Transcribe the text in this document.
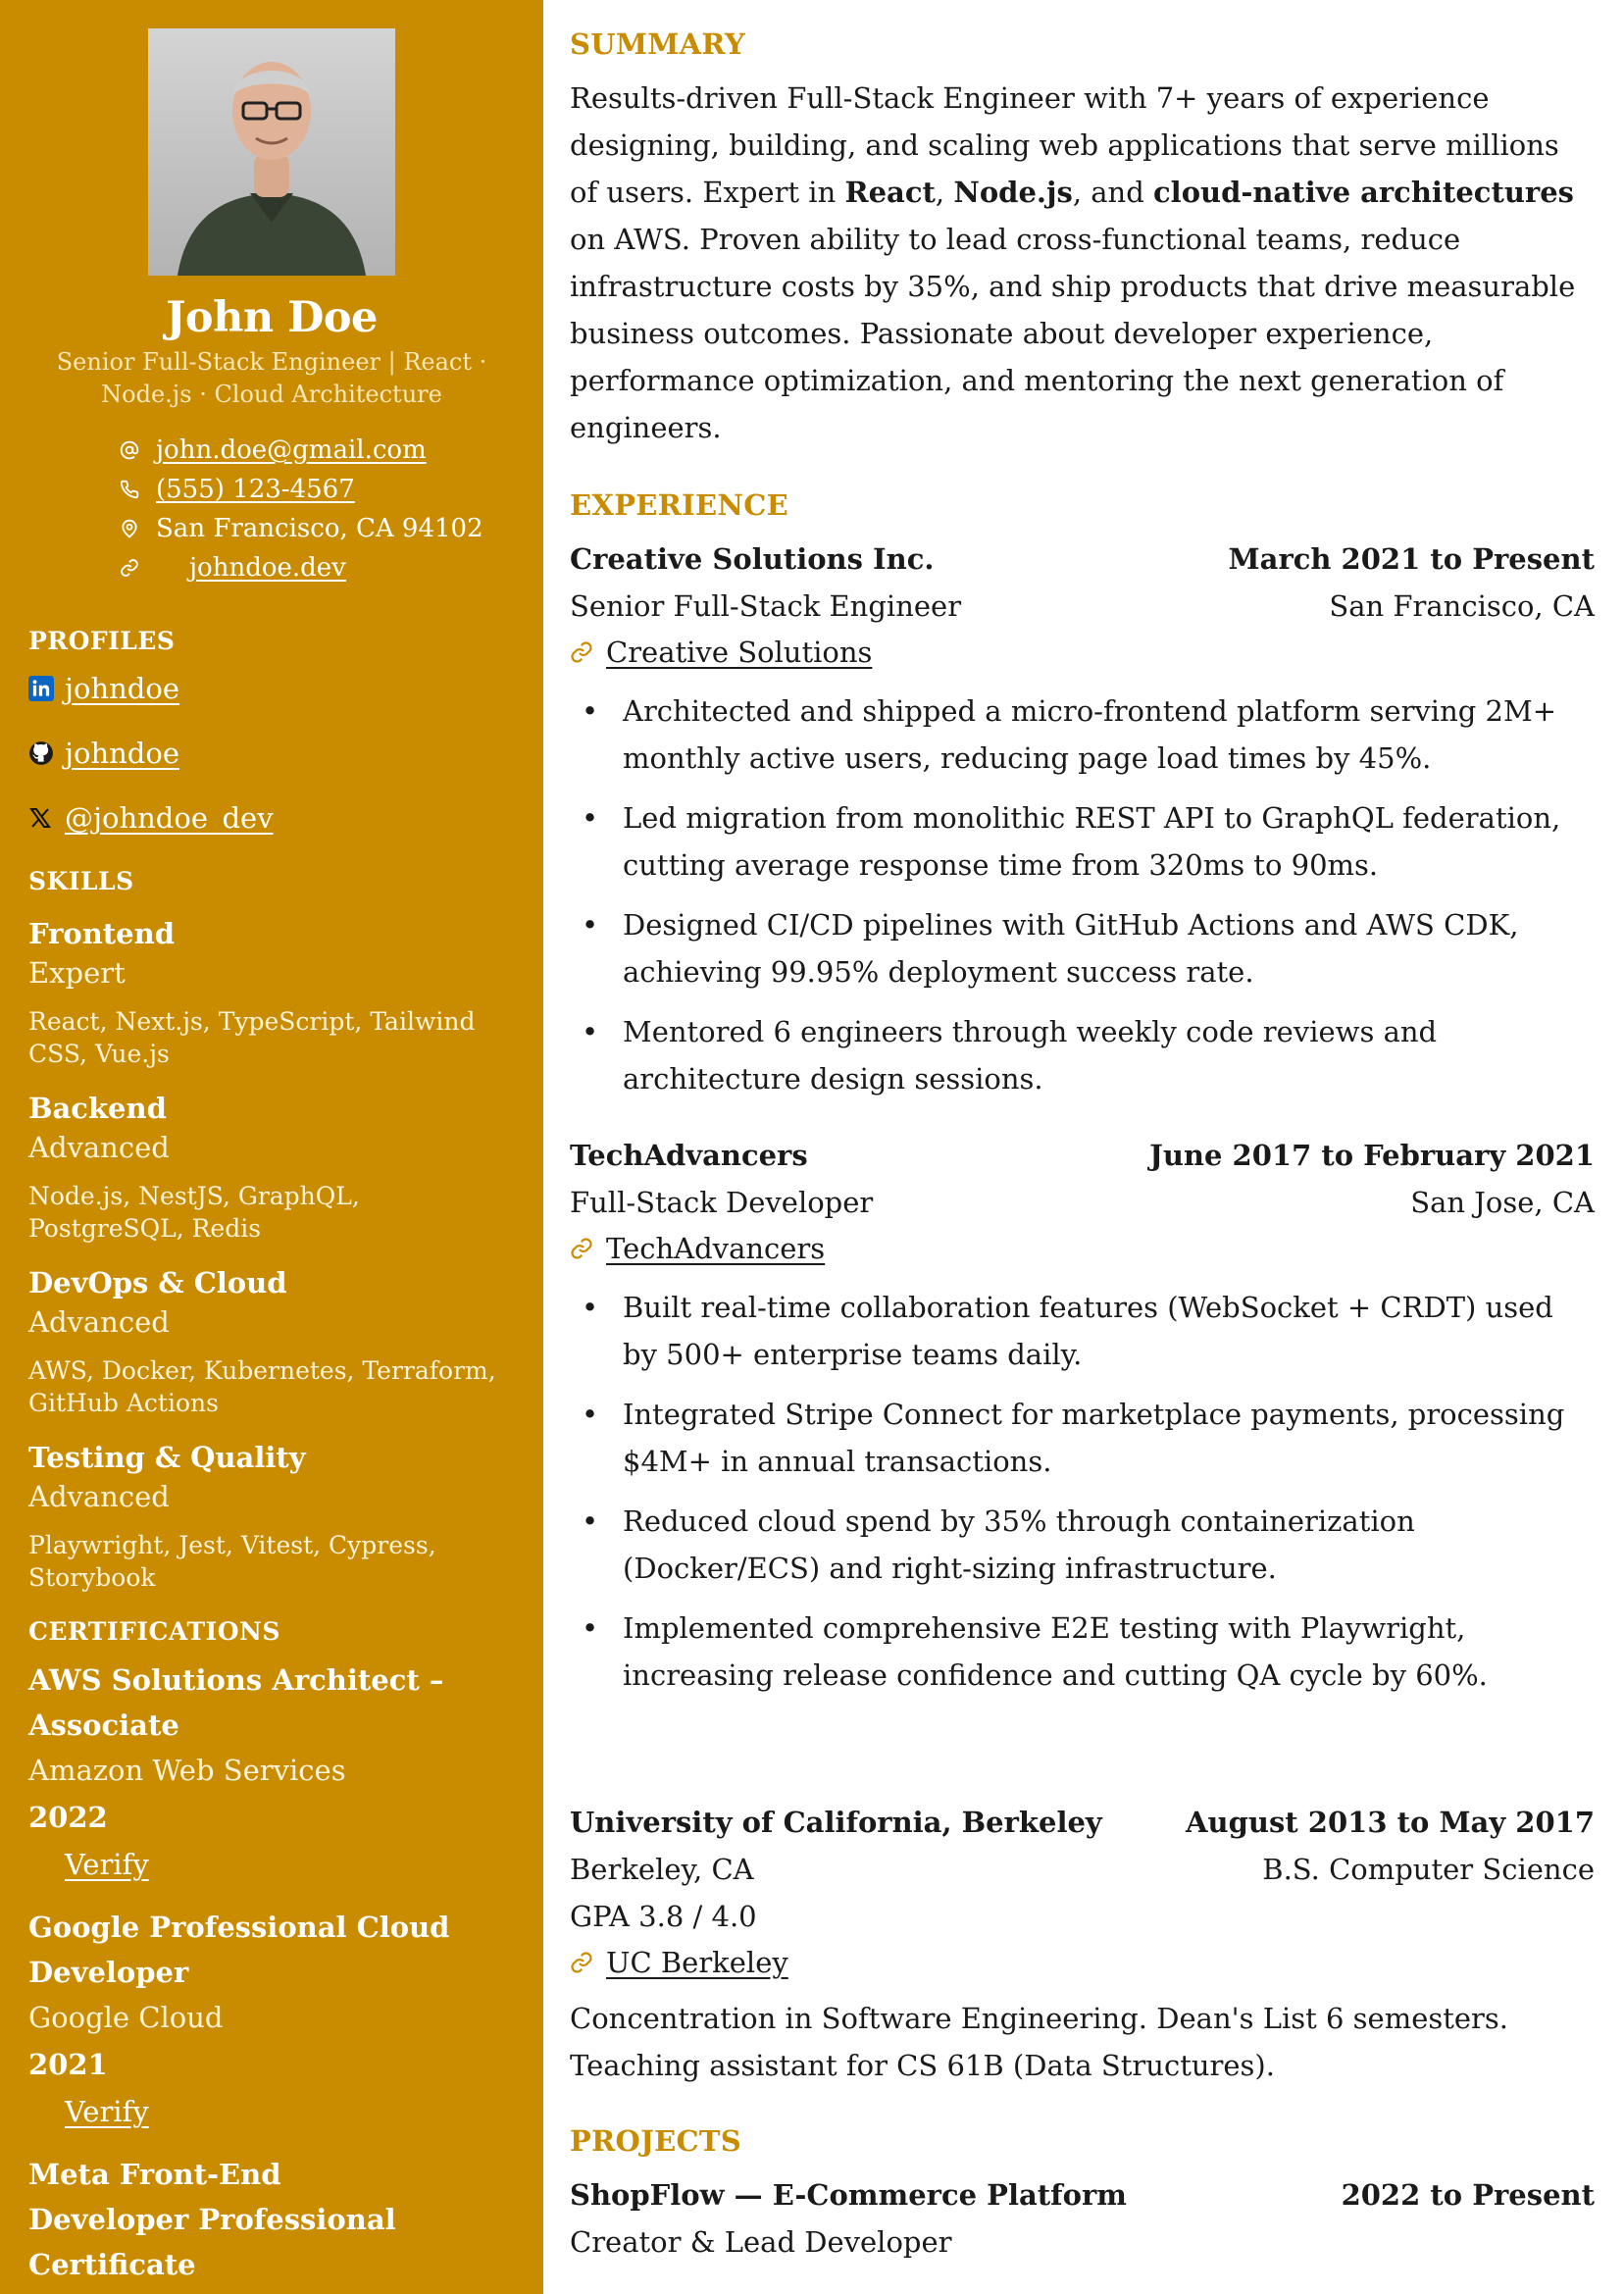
John Doe
Senior Full-Stack Engineer | React · Node.js · Cloud Architecture
john.doe@gmail.com
(555) 123-4567
San Francisco, CA 94102
johndoe.dev
PROFILES
johndoe
johndoe
@johndoe_dev
SKILLS
Frontend
Expert
React, Next.js, TypeScript, Tailwind CSS, Vue.js
Backend
Advanced
Node.js, NestJS, GraphQL, PostgreSQL, Redis
DevOps & Cloud
Advanced
AWS, Docker, Kubernetes, Terraform, GitHub Actions
Testing & Quality
Advanced
Playwright, Jest, Vitest, Cypress, Storybook
CERTIFICATIONS
AWS Solutions Architect – Associate
Amazon Web Services
2022
Verify
Google Professional Cloud Developer
Google Cloud
2021
Verify
Meta Front-End Developer Professional Certificate
SUMMARY

Results-driven Full-Stack Engineer with 7+ years of experience designing, building, and scaling web applications that serve millions of users. Expert in React, Node.js, and cloud-native architectures on AWS. Proven ability to lead cross-functional teams, reduce infrastructure costs by 35%, and ship products that drive measurable business outcomes. Passionate about developer experience, performance optimization, and mentoring the next generation of engineers.

EXPERIENCE
Creative Solutions Inc.	March 2021 to Present
Senior Full-Stack Engineer	San Francisco, CA
Creative Solutions
• Architected and shipped a micro-frontend platform serving 2M+ monthly active users, reducing page load times by 45%.
• Led migration from monolithic REST API to GraphQL federation, cutting average response time from 320ms to 90ms.
• Designed CI/CD pipelines with GitHub Actions and AWS CDK, achieving 99.95% deployment success rate.
• Mentored 6 engineers through weekly code reviews and architecture design sessions.
TechAdvancers	June 2017 to February 2021
Full-Stack Developer	San Jose, CA
TechAdvancers
• Built real-time collaboration features (WebSocket + CRDT) used by 500+ enterprise teams daily.
• Integrated Stripe Connect for marketplace payments, processing $4M+ in annual transactions.
• Reduced cloud spend by 35% through containerization (Docker/ECS) and right-sizing infrastructure.
• Implemented comprehensive E2E testing with Playwright, increasing release confidence and cutting QA cycle by 60%.
University of California, Berkeley	August 2013 to May 2017
Berkeley, CA	B.S. Computer Science
GPA 3.8 / 4.0
UC Berkeley

Concentration in Software Engineering. Dean's List 6 semesters. Teaching assistant for CS 61B (Data Structures).

PROJECTS
ShopFlow — E-Commerce Platform	2022 to Present
Creator & Lead Developer
